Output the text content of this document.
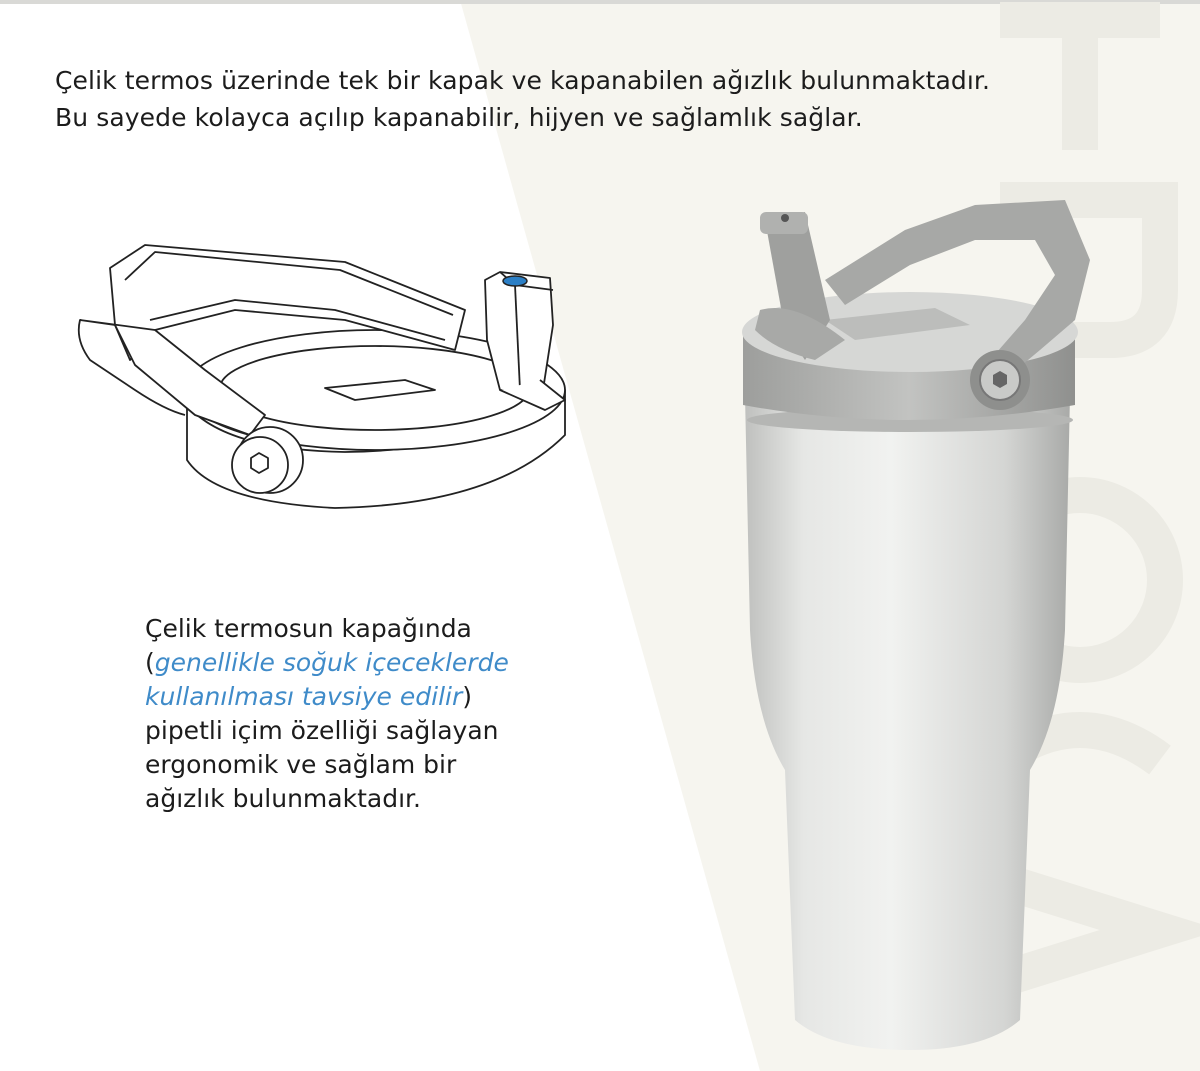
Çelik termos üzerinde tek bir kapak ve kapanabilen ağızlık bulunmaktadır.
Bu sayede kolayca açılıp kapanabilir, hijyen ve sağlamlık sağlar.
Çelik termosun kapağında
(genellikle soğuk içeceklerde
kullanılması tavsiye edilir)
pipetli içim özelliği sağlayan
ergonomik ve sağlam bir
ağızlık bulunmaktadır.
